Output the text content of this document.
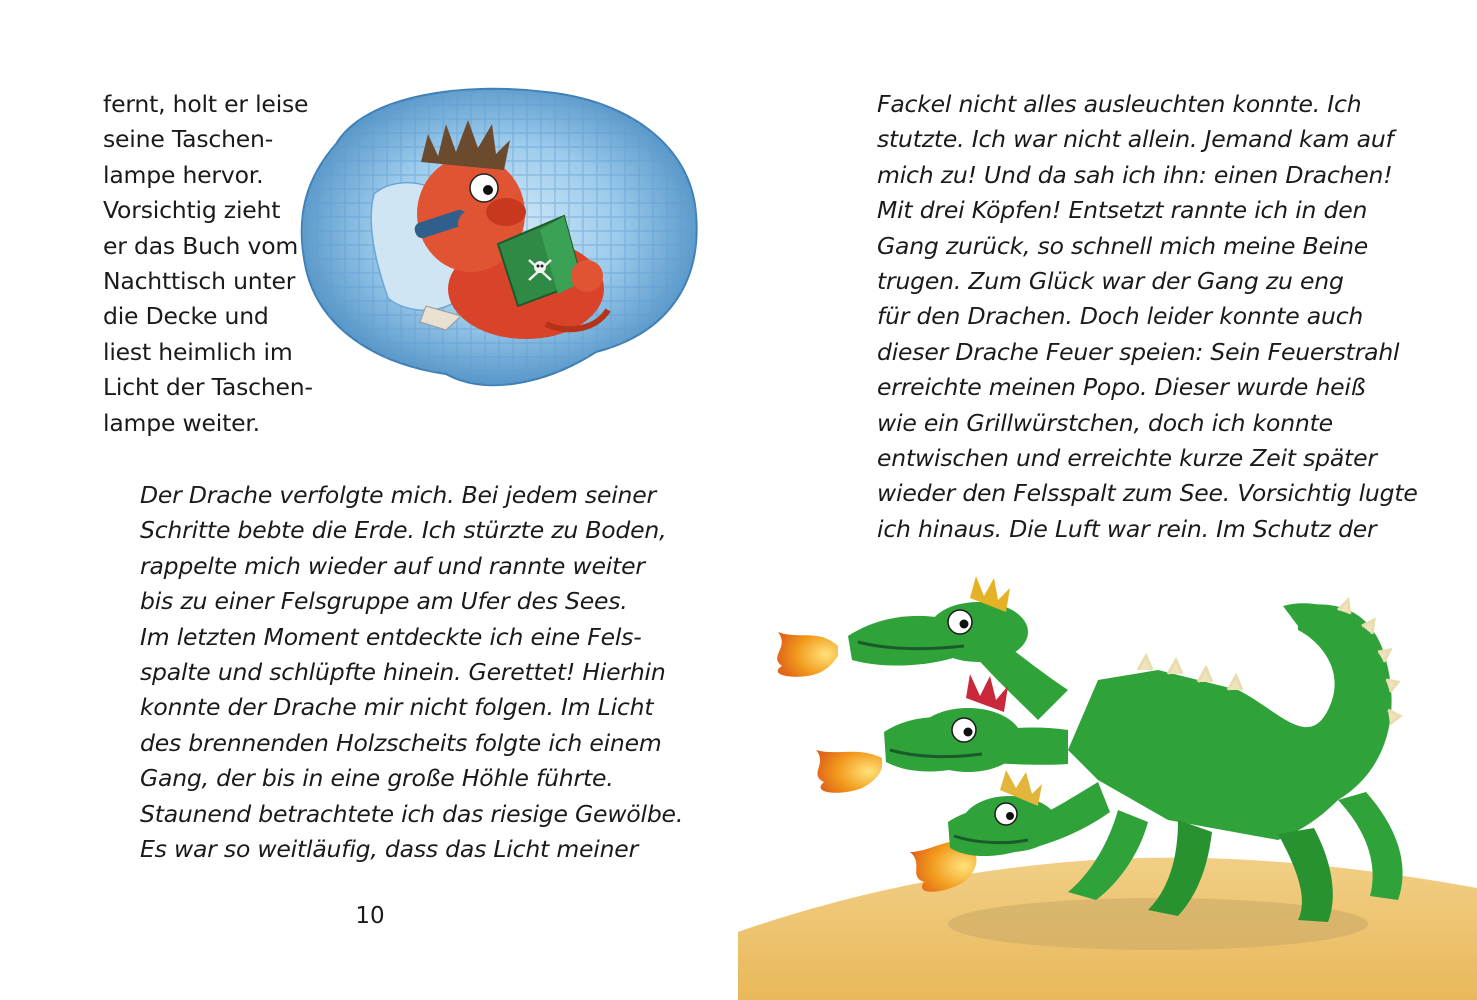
fernt, holt er leise
seine Taschen-
lampe hervor.
Vorsichtig zieht
er das Buch vom
Nachttisch unter
die Decke und
liest heimlich im
Licht der Taschen-
lampe weiter.
Der Drache verfolgte mich. Bei jedem seiner
Schritte bebte die Erde. Ich stürzte zu Boden,
rappelte mich wieder auf und rannte weiter
bis zu einer Felsgruppe am Ufer des Sees.
Im letzten Moment entdeckte ich eine Fels-
spalte und schlüpfte hinein. Gerettet! Hierhin
konnte der Drache mir nicht folgen. Im Licht
des brennenden Holzscheits folgte ich einem
Gang, der bis in eine große Höhle führte.
Staunend betrachtete ich das riesige Gewölbe.
Es war so weitläufig, dass das Licht meiner
10
Fackel nicht alles ausleuchten konnte. Ich
stutzte. Ich war nicht allein. Jemand kam auf
mich zu! Und da sah ich ihn: einen Drachen!
Mit drei Köpfen! Entsetzt rannte ich in den
Gang zurück, so schnell mich meine Beine
trugen. Zum Glück war der Gang zu eng
für den Drachen. Doch leider konnte auch
dieser Drache Feuer speien: Sein Feuerstrahl
erreichte meinen Popo. Dieser wurde heiß
wie ein Grillwürstchen, doch ich konnte
entwischen und erreichte kurze Zeit später
wieder den Felsspalt zum See. Vorsichtig lugte
ich hinaus. Die Luft war rein. Im Schutz der
